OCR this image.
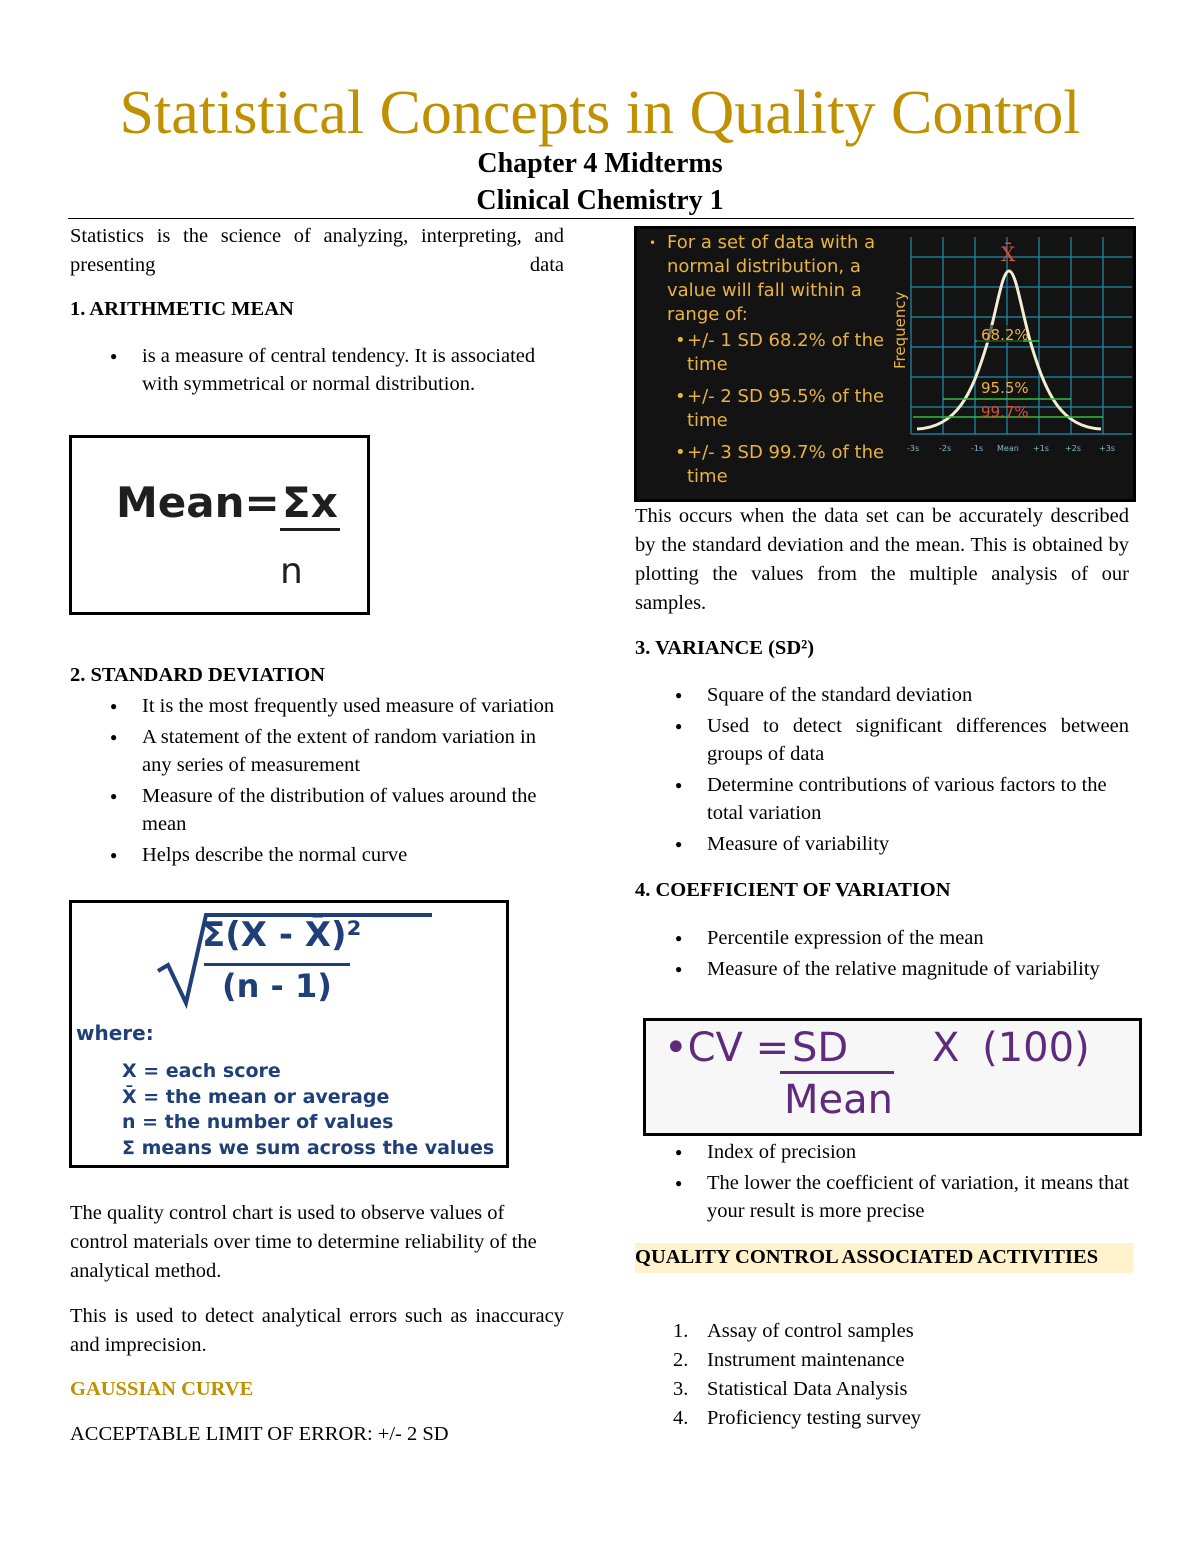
Statistical Concepts in Quality Control
Chapter 4 Midterms
Clinical Chemistry 1
Statistics is the science of analyzing, interpreting, and presenting data
1. ARITHMETIC MEAN
● is a measure of central tendency. It is associated with symmetrical or normal distribution.
Mean= Σx
n
2. STANDARD DEVIATION
● It is the most frequently used measure of variation
● A statement of the extent of random variation in any series of measurement
● Measure of the distribution of values around the mean
● Helps describe the normal curve
Σ(X - X̄)²
(n - 1)
where:
X = each score
X̄ = the mean or average
n = the number of values
Σ means we sum across the values
The quality control chart is used to observe values of control materials over time to determine reliability of the analytical method.
This is used to detect analytical errors such as inaccuracy and imprecision.
GAUSSIAN CURVE
ACCEPTABLE LIMIT OF ERROR: +/- 2 SD
• For a set of data with a normal distribution, a value will fall within a range of:
• +/- 1 SD 68.2% of the time
• +/- 2 SD 95.5% of the time
• +/- 3 SD 99.7% of the time
68.2%
95.5%
99.7%
X̄
Frequency
-3s -2s -1s Mean +1s +2s +3s
This occurs when the data set can be accurately described by the standard deviation and the mean. This is obtained by plotting the values from the multiple analysis of our samples.
3. VARIANCE (SD²)
● Square of the standard deviation
● Used to detect significant differences between groups of data
● Determine contributions of various factors to the total variation
● Measure of variability
4. COEFFICIENT OF VARIATION
● Percentile expression of the mean
● Measure of the relative magnitude of variability
•CV = SD
Mean
X (100)
● Index of precision
● The lower the coefficient of variation, it means that your result is more precise
QUALITY CONTROL ASSOCIATED ACTIVITIES
1. Assay of control samples
2. Instrument maintenance
3. Statistical Data Analysis
4. Proficiency testing survey
